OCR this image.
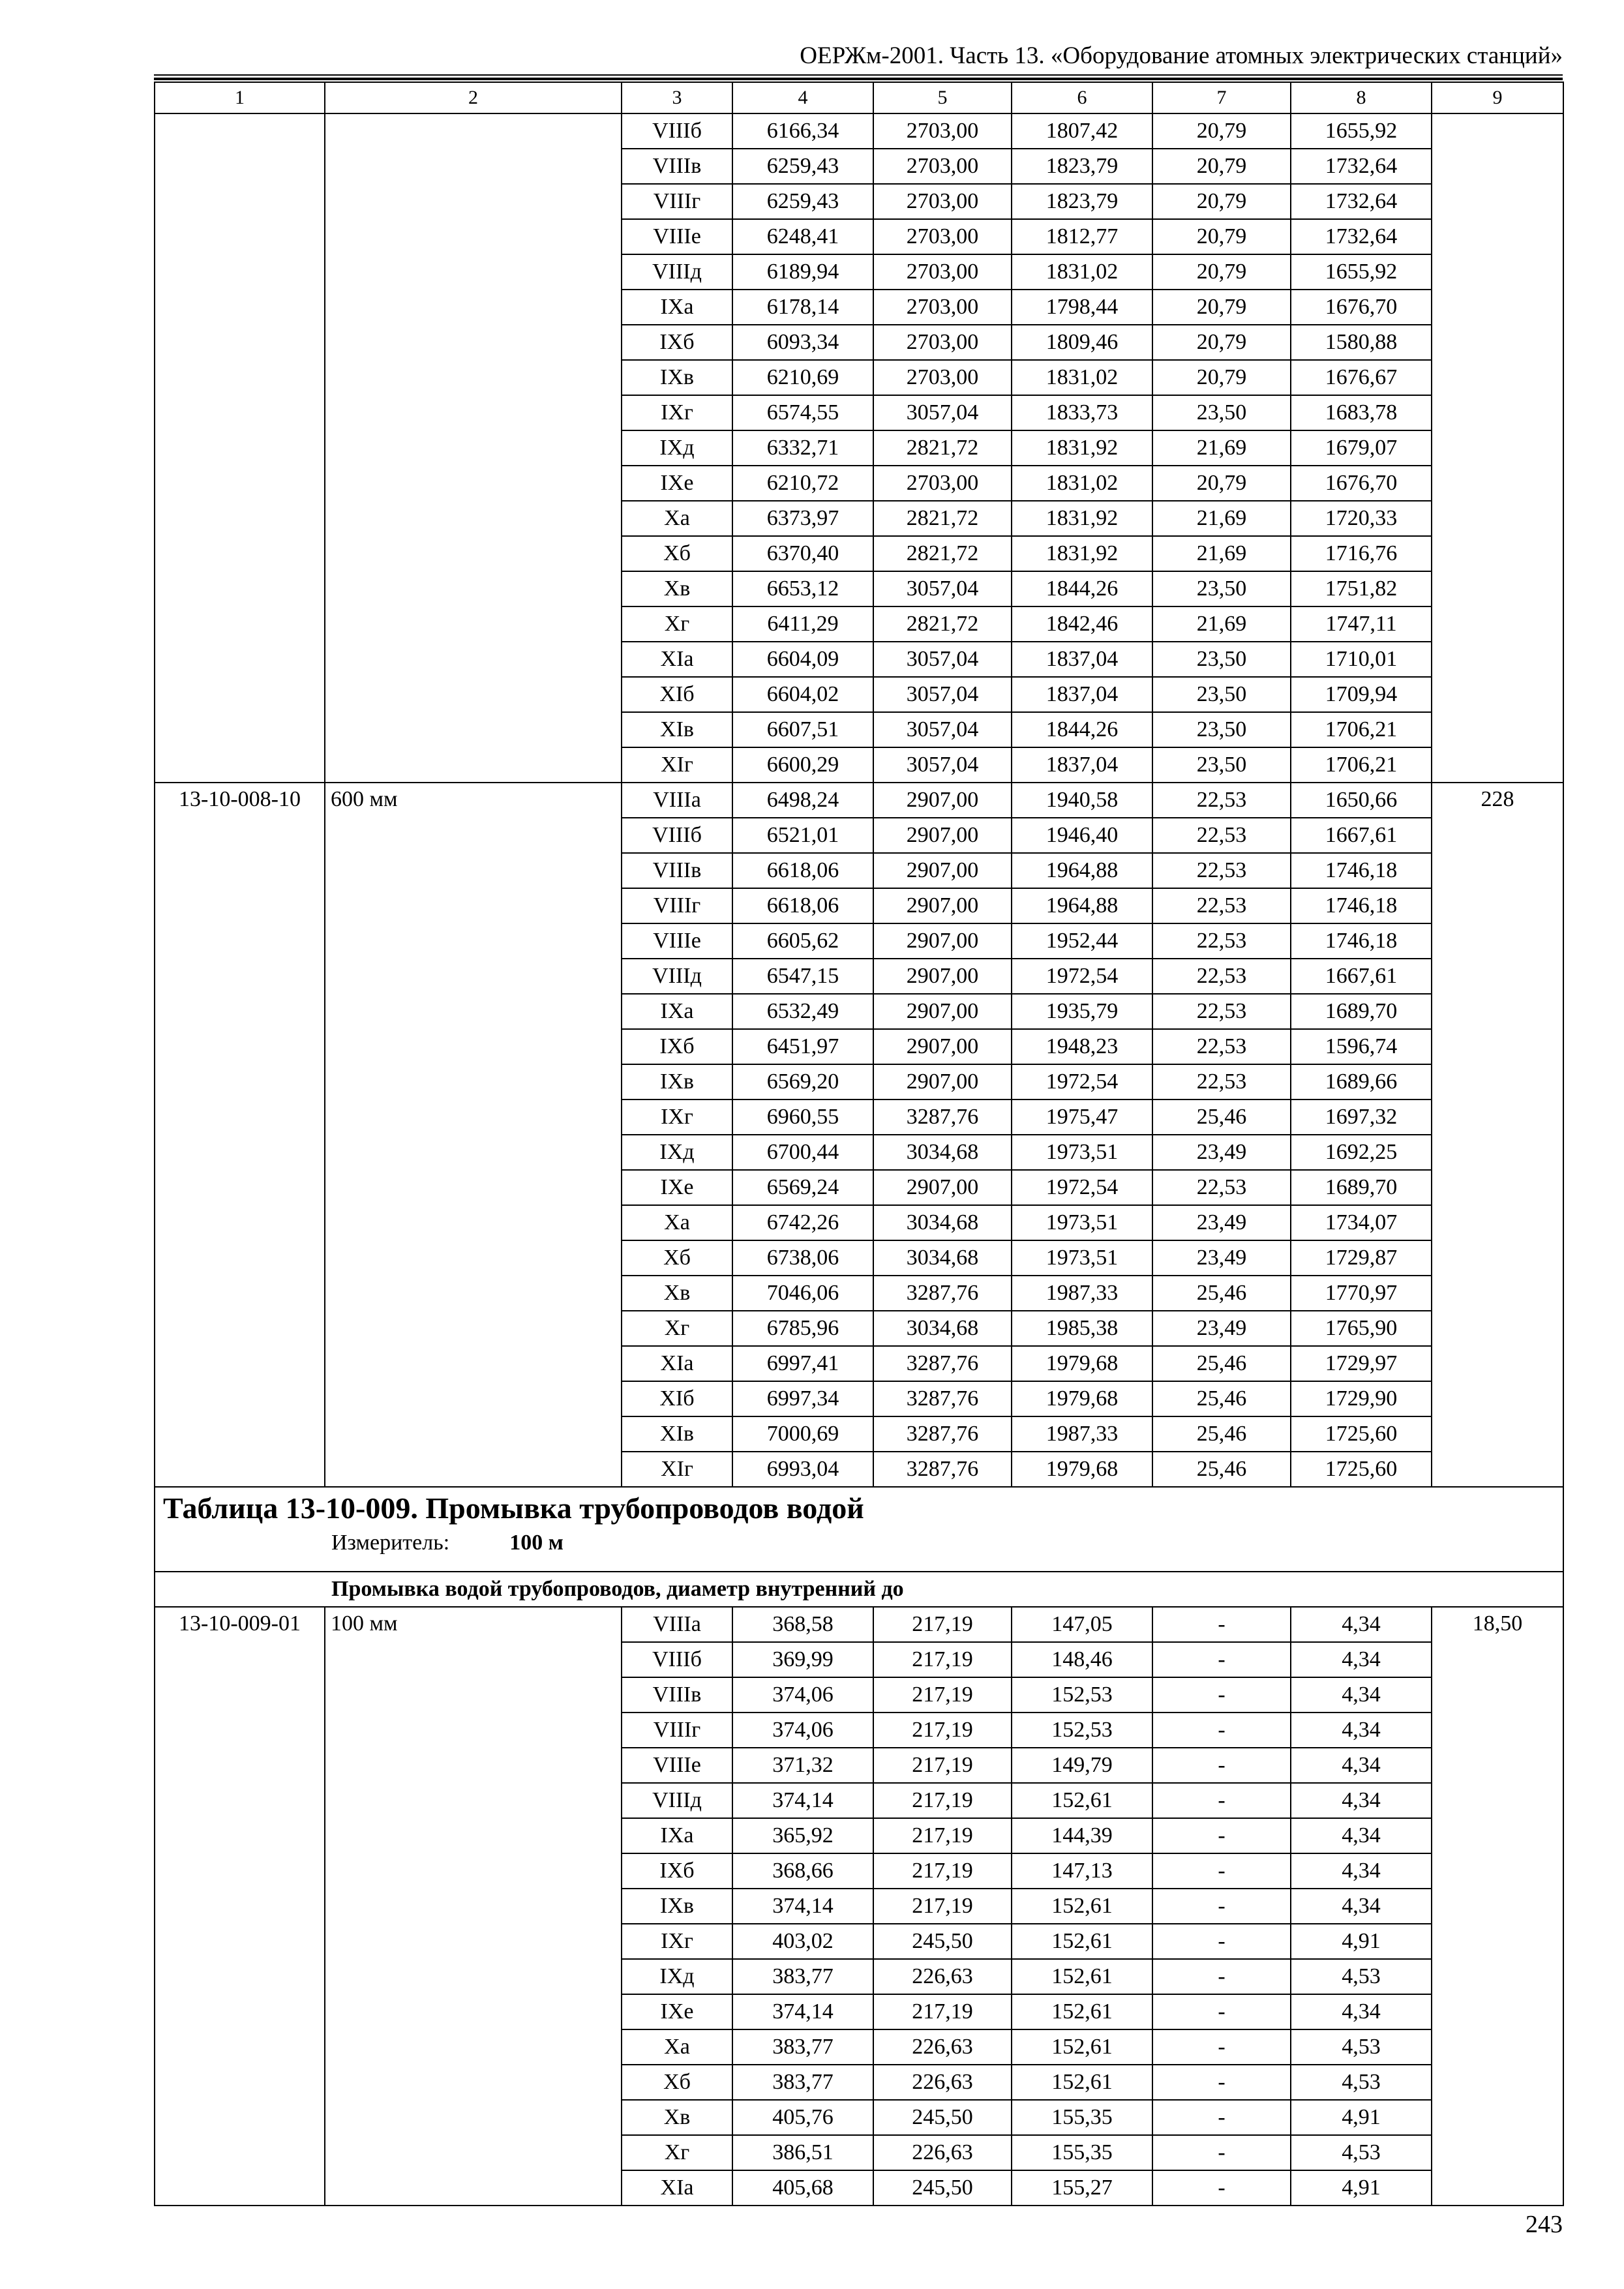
ОЕРЖм-2001. Часть 13. «Оборудование атомных электрических станций»
1	2	3	4	5	6	7	8	9
		VIIIб	6166,34	2703,00	1807,42	20,79	1655,92	
		VIIIв	6259,43	2703,00	1823,79	20,79	1732,64	
		VIIIг	6259,43	2703,00	1823,79	20,79	1732,64	
		VIIIе	6248,41	2703,00	1812,77	20,79	1732,64	
		VIIIд	6189,94	2703,00	1831,02	20,79	1655,92	
		IXа	6178,14	2703,00	1798,44	20,79	1676,70	
		IXб	6093,34	2703,00	1809,46	20,79	1580,88	
		IXв	6210,69	2703,00	1831,02	20,79	1676,67	
		IXг	6574,55	3057,04	1833,73	23,50	1683,78	
		IXд	6332,71	2821,72	1831,92	21,69	1679,07	
		IXе	6210,72	2703,00	1831,02	20,79	1676,70	
		Xа	6373,97	2821,72	1831,92	21,69	1720,33	
		Xб	6370,40	2821,72	1831,92	21,69	1716,76	
		Xв	6653,12	3057,04	1844,26	23,50	1751,82	
		Xг	6411,29	2821,72	1842,46	21,69	1747,11	
		XIа	6604,09	3057,04	1837,04	23,50	1710,01	
		XIб	6604,02	3057,04	1837,04	23,50	1709,94	
		XIв	6607,51	3057,04	1844,26	23,50	1706,21	
		XIг	6600,29	3057,04	1837,04	23,50	1706,21	
13-10-008-10	600 мм	VIIIа	6498,24	2907,00	1940,58	22,53	1650,66	228
		VIIIб	6521,01	2907,00	1946,40	22,53	1667,61	
		VIIIв	6618,06	2907,00	1964,88	22,53	1746,18	
		VIIIг	6618,06	2907,00	1964,88	22,53	1746,18	
		VIIIе	6605,62	2907,00	1952,44	22,53	1746,18	
		VIIIд	6547,15	2907,00	1972,54	22,53	1667,61	
		IXа	6532,49	2907,00	1935,79	22,53	1689,70	
		IXб	6451,97	2907,00	1948,23	22,53	1596,74	
		IXв	6569,20	2907,00	1972,54	22,53	1689,66	
		IXг	6960,55	3287,76	1975,47	25,46	1697,32	
		IXд	6700,44	3034,68	1973,51	23,49	1692,25	
		IXе	6569,24	2907,00	1972,54	22,53	1689,70	
		Xа	6742,26	3034,68	1973,51	23,49	1734,07	
		Xб	6738,06	3034,68	1973,51	23,49	1729,87	
		Xв	7046,06	3287,76	1987,33	25,46	1770,97	
		Xг	6785,96	3034,68	1985,38	23,49	1765,90	
		XIа	6997,41	3287,76	1979,68	25,46	1729,97	
		XIб	6997,34	3287,76	1979,68	25,46	1729,90	
		XIв	7000,69	3287,76	1987,33	25,46	1725,60	
		XIг	6993,04	3287,76	1979,68	25,46	1725,60	

Таблица 13-10-009. Промывка трубопроводов водой
Измеритель: 100 м								

Промывка водой трубопроводов, диаметр внутренний до								
13-10-009-01	100 мм	VIIIа	368,58	217,19	147,05	-	4,34	18,50
		VIIIб	369,99	217,19	148,46	-	4,34	
		VIIIв	374,06	217,19	152,53	-	4,34	
		VIIIг	374,06	217,19	152,53	-	4,34	
		VIIIе	371,32	217,19	149,79	-	4,34	
		VIIIд	374,14	217,19	152,61	-	4,34	
		IXа	365,92	217,19	144,39	-	4,34	
		IXб	368,66	217,19	147,13	-	4,34	
		IXв	374,14	217,19	152,61	-	4,34	
		IXг	403,02	245,50	152,61	-	4,91	
		IXд	383,77	226,63	152,61	-	4,53	
		IXе	374,14	217,19	152,61	-	4,34	
		Xа	383,77	226,63	152,61	-	4,53	
		Xб	383,77	226,63	152,61	-	4,53	
		Xв	405,76	245,50	155,35	-	4,91	
		Xг	386,51	226,63	155,35	-	4,53	
		XIа	405,68	245,50	155,27	-	4,91	
243
